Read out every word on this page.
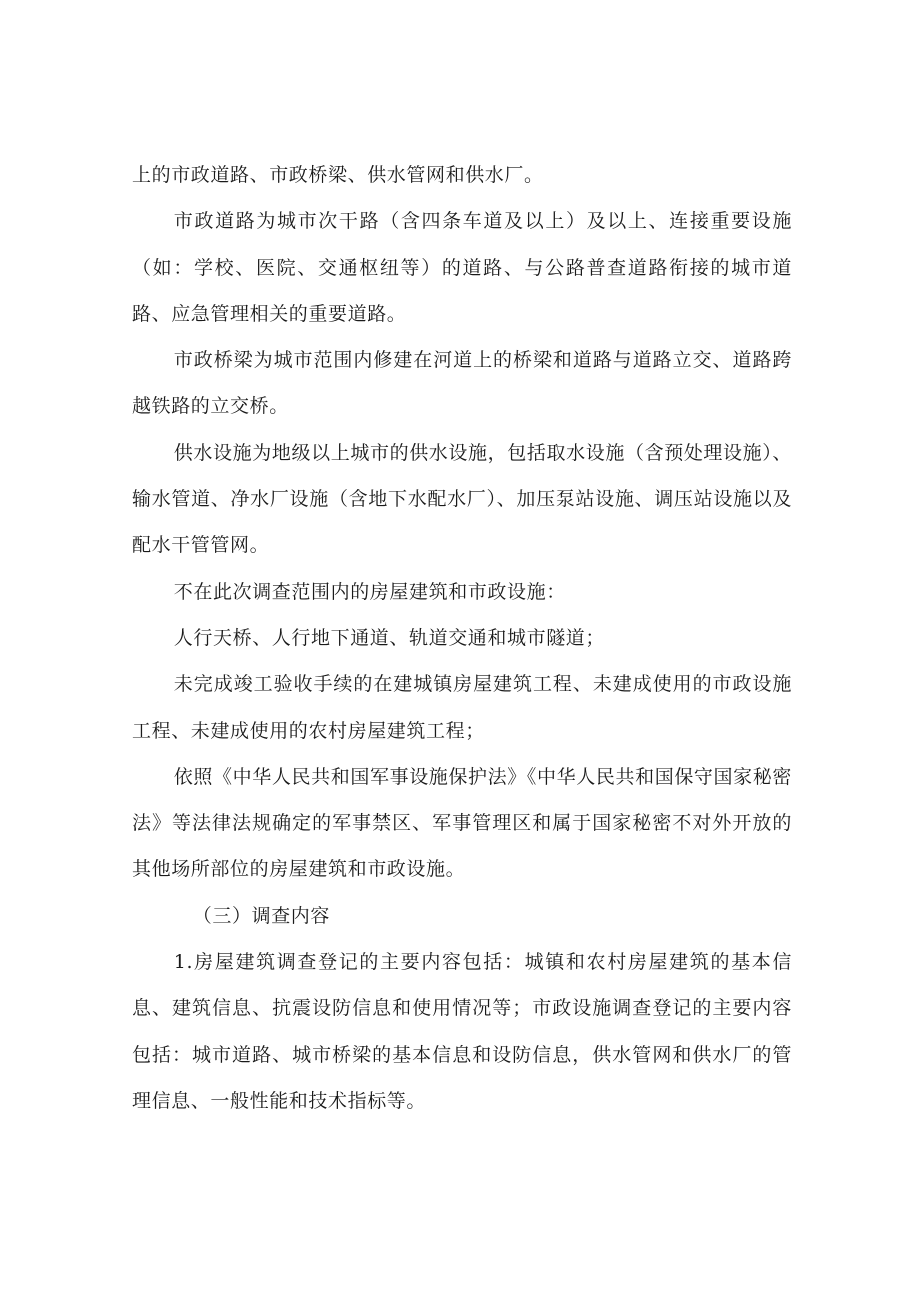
上的市政道路、市政桥梁、供水管网和供水厂。

市政道路为城市次干路（含四条车道及以上）及以上、连接重要设施（如：学校、医院、交通枢纽等）的道路、与公路普查道路衔接的城市道路、应急管理相关的重要道路。

市政桥梁为城市范围内修建在河道上的桥梁和道路与道路立交、道路跨越铁路的立交桥。

供水设施为地级以上城市的供水设施，包括取水设施（含预处理设施）、输水管道、净水厂设施（含地下水配水厂）、加压泵站设施、调压站设施以及配水干管管网。

不在此次调查范围内的房屋建筑和市政设施：

人行天桥、人行地下通道、轨道交通和城市隧道；

未完成竣工验收手续的在建城镇房屋建筑工程、未建成使用的市政设施工程、未建成使用的农村房屋建筑工程；

依照《中华人民共和国军事设施保护法》《中华人民共和国保守国家秘密法》等法律法规确定的军事禁区、军事管理区和属于国家秘密不对外开放的其他场所部位的房屋建筑和市政设施。

（三）调查内容

1.房屋建筑调查登记的主要内容包括：城镇和农村房屋建筑的基本信息、建筑信息、抗震设防信息和使用情况等；市政设施调查登记的主要内容包括：城市道路、城市桥梁的基本信息和设防信息，供水管网和供水厂的管理信息、一般性能和技术指标等。
